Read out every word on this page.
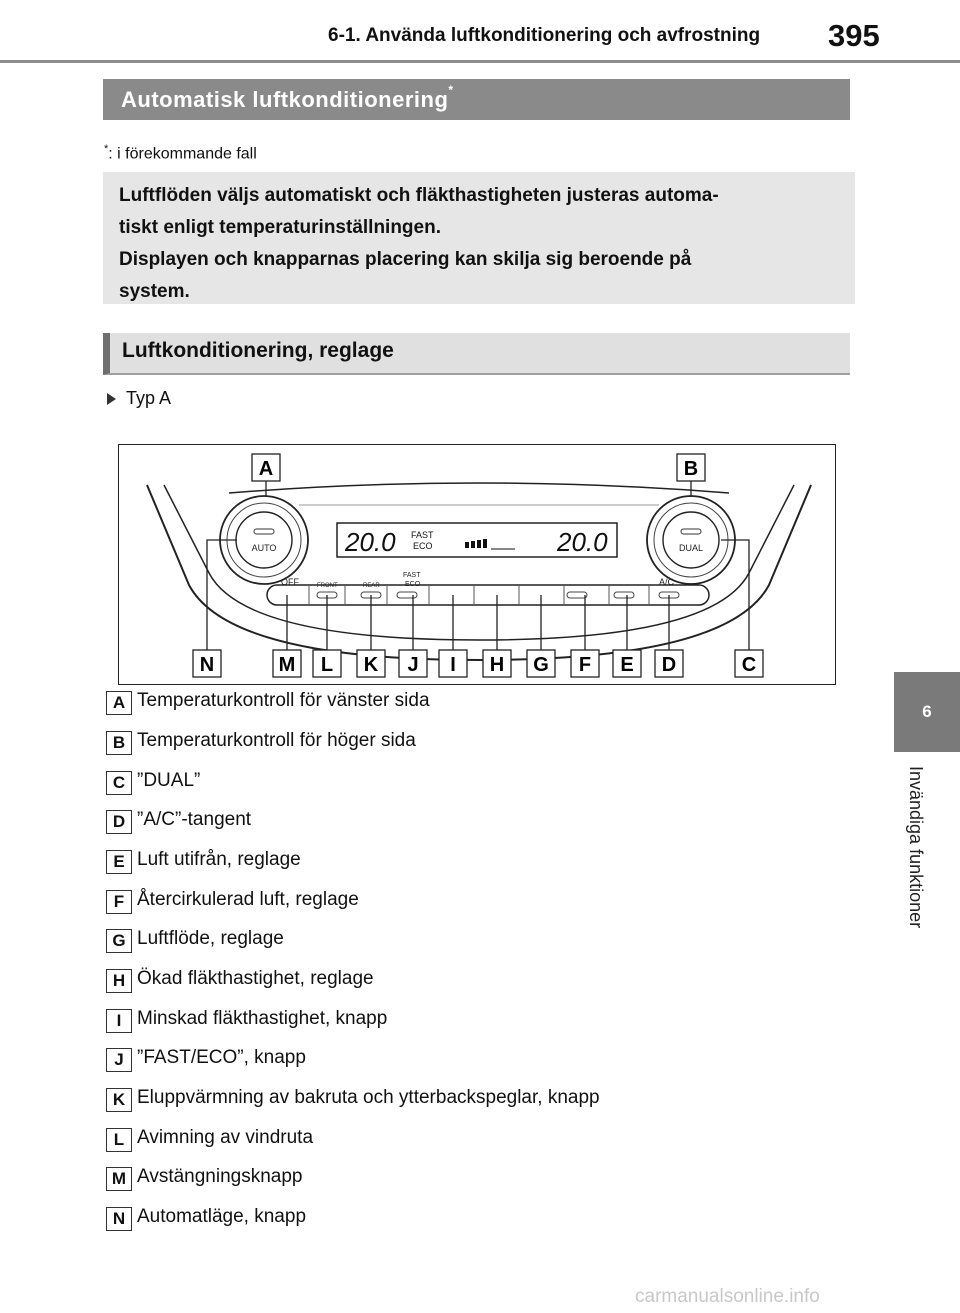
6-1. Använda luftkonditionering och avfrostning 395
6
Invändiga funktioner
Automatisk luftkonditionering*
*: i förekommande fall
Luftflöden väljs automatiskt och fläkthastigheten justeras automa-
tiskt enligt temperaturinställningen.
Displayen och knapparnas placering kan skilja sig beroende på
system.
Luftkonditionering, reglage
Typ A
AUTO	DUAL
20.0 FAST
ECO	20.0
OFF	FRONT	REAR
FAST
ECO	A/C
A	B
N	M L K J I H G F E D	C
A Temperaturkontroll för vänster sida
B Temperaturkontroll för höger sida
C ”DUAL”
D ”A/C”-tangent
E Luft utifrån, reglage
F Återcirkulerad luft, reglage
G Luftflöde, reglage
H Ökad fläkthastighet, reglage
I Minskad fläkthastighet, knapp
J ”FAST/ECO”, knapp
K Eluppvärmning av bakruta och ytterbackspeglar, knapp
L Avimning av vindruta
M Avstängningsknapp
N Automatläge, knapp
carmanualsonline.info
